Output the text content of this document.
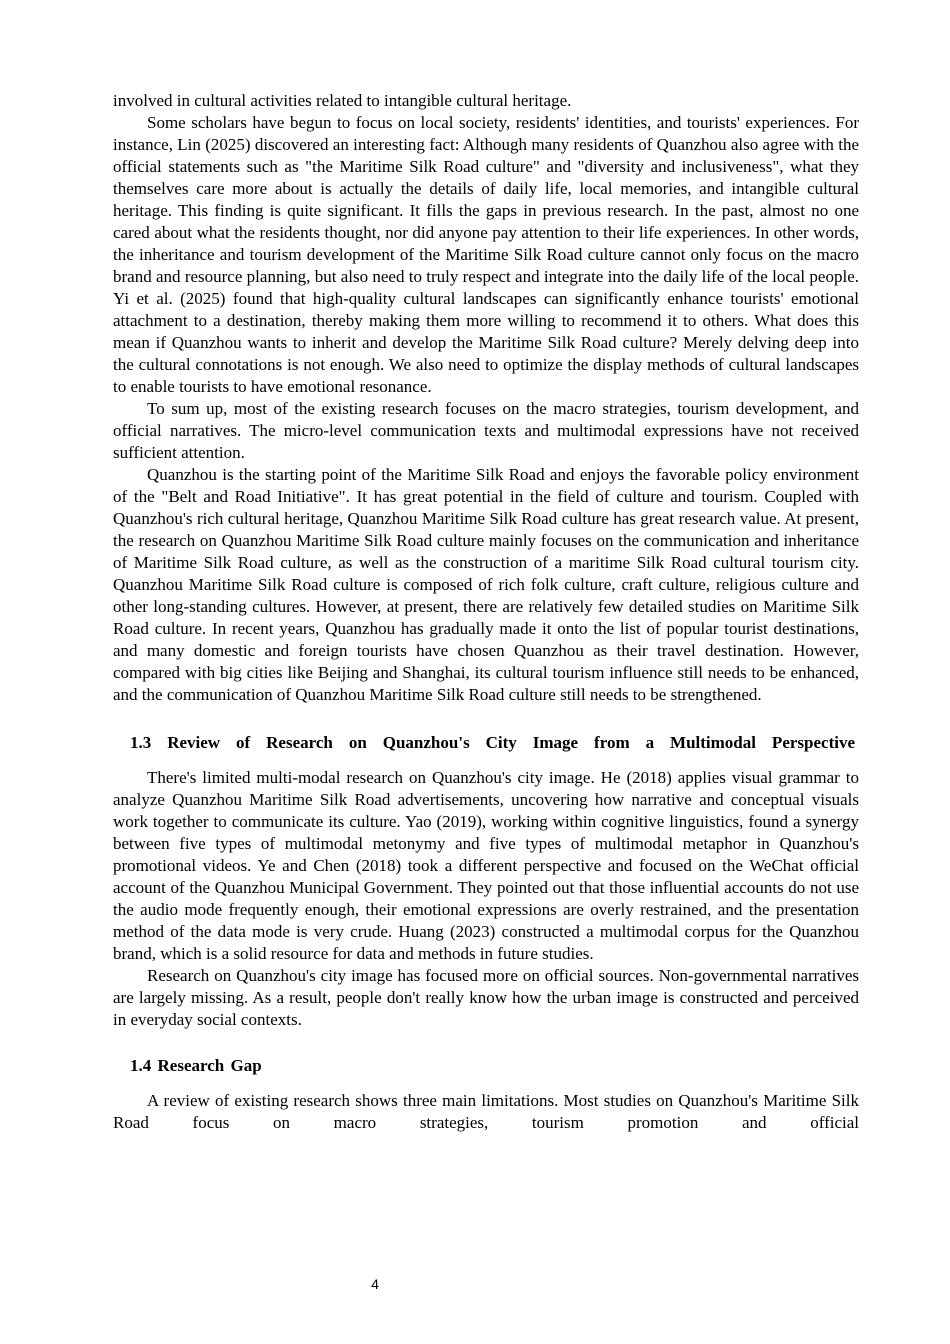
involved in cultural activities related to intangible cultural heritage.

Some scholars have begun to focus on local society, residents' identities, and tourists' experiences. For instance, Lin (2025) discovered an interesting fact: Although many residents of Quanzhou also agree with the official statements such as "the Maritime Silk Road culture" and "diversity and inclusiveness", what they themselves care more about is actually the details of daily life, local memories, and intangible cultural heritage. This finding is quite significant. It fills the gaps in previous research. In the past, almost no one cared about what the residents thought, nor did anyone pay attention to their life experiences. In other words, the inheritance and tourism development of the Maritime Silk Road culture cannot only focus on the macro brand and resource planning, but also need to truly respect and integrate into the daily life of the local people. Yi et al. (2025) found that high-quality cultural landscapes can significantly enhance tourists' emotional attachment to a destination, thereby making them more willing to recommend it to others. What does this mean if Quanzhou wants to inherit and develop the Maritime Silk Road culture? Merely delving deep into the cultural connotations is not enough. We also need to optimize the display methods of cultural landscapes to enable tourists to have emotional resonance.

To sum up, most of the existing research focuses on the macro strategies, tourism development, and official narratives. The micro-level communication texts and multimodal expressions have not received sufficient attention.

Quanzhou is the starting point of the Maritime Silk Road and enjoys the favorable policy environment of the "Belt and Road Initiative". It has great potential in the field of culture and tourism. Coupled with Quanzhou's rich cultural heritage, Quanzhou Maritime Silk Road culture has great research value. At present, the research on Quanzhou Maritime Silk Road culture mainly focuses on the communication and inheritance of Maritime Silk Road culture, as well as the construction of a maritime Silk Road cultural tourism city. Quanzhou Maritime Silk Road culture is composed of rich folk culture, craft culture, religious culture and other long-standing cultures. However, at present, there are relatively few detailed studies on Maritime Silk Road culture. In recent years, Quanzhou has gradually made it onto the list of popular tourist destinations, and many domestic and foreign tourists have chosen Quanzhou as their travel destination. However, compared with big cities like Beijing and Shanghai, its cultural tourism influence still needs to be enhanced, and the communication of Quanzhou Maritime Silk Road culture still needs to be strengthened.

1.3 Review of Research on Quanzhou's City Image from a Multimodal Perspective

There's limited multi-modal research on Quanzhou's city image. He (2018) applies visual grammar to analyze Quanzhou Maritime Silk Road advertisements, uncovering how narrative and conceptual visuals work together to communicate its culture. Yao (2019), working within cognitive linguistics, found a synergy between five types of multimodal metonymy and five types of multimodal metaphor in Quanzhou's promotional videos. Ye and Chen (2018) took a different perspective and focused on the WeChat official account of the Quanzhou Municipal Government. They pointed out that those influential accounts do not use the audio mode frequently enough, their emotional expressions are overly restrained, and the presentation method of the data mode is very crude. Huang (2023) constructed a multimodal corpus for the Quanzhou brand, which is a solid resource for data and methods in future studies.

Research on Quanzhou's city image has focused more on official sources. Non-governmental narratives are largely missing. As a result, people don't really know how the urban image is constructed and perceived in everyday social contexts.

1.4 Research Gap

A review of existing research shows three main limitations. Most studies on Quanzhou's Maritime Silk Road focus on macro strategies, tourism promotion and official

4
